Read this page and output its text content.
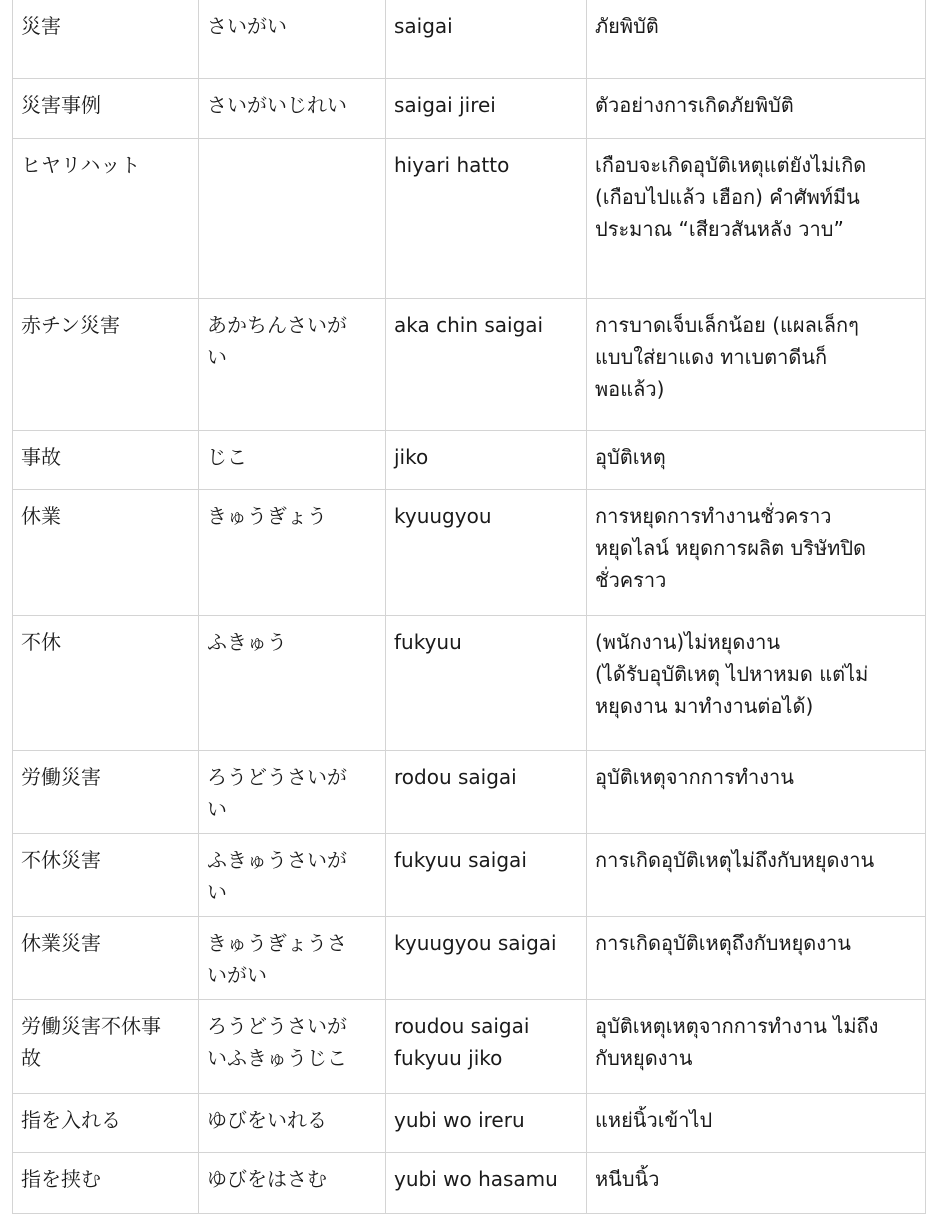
災害	さいがい	saigai	ภัยพิบัติ

災害事例	さいがいじれい	saigai jirei	ตัวอย่างการเกิดภัยพิบัติ

ヒヤリハット		hiyari hatto	เกือบจะเกิดอุบัติเหตุแต่ยังไม่เกิด
(เกือบไปแล้ว เฮือก) คำศัพท์มีน
ประมาณ “เสียวสันหลัง วาบ”

赤チン災害	あかちんさいが
い	aka chin saigai	การบาดเจ็บเล็กน้อย (แผลเล็กๆ
แบบใส่ยาแดง ทาเบตาดีนก็
พอแล้ว)

事故	じこ	jiko	อุบัติเหตุ

休業	きゅうぎょう	kyuugyou	การหยุดการทำงานชั่วคราว
หยุดไลน์ หยุดการผลิต บริษัทปิด
ชั่วคราว

不休	ふきゅう	fukyuu	(พนักงาน)ไม่หยุดงาน
(ได้รับอุบัติเหตุ ไปหาหมด แต่ไม่
หยุดงาน มาทำงานต่อได้)

労働災害	ろうどうさいが
い	rodou saigai	อุบัติเหตุจากการทำงาน

不休災害	ふきゅうさいが
い	fukyuu saigai	การเกิดอุบัติเหตุไม่ถึงกับหยุดงาน

休業災害	きゅうぎょうさ
いがい	kyuugyou saigai	การเกิดอุบัติเหตุถึงกับหยุดงาน

労働災害不休事
故	ろうどうさいが
いふきゅうじこ	roudou saigai
fukyuu jiko	อุบัติเหตุเหตุจากการทำงาน ไม่ถึง
กับหยุดงาน

指を入れる	ゆびをいれる	yubi wo ireru	แหย่นิ้วเข้าไป

指を挟む	ゆびをはさむ	yubi wo hasamu	หนีบนิ้ว
